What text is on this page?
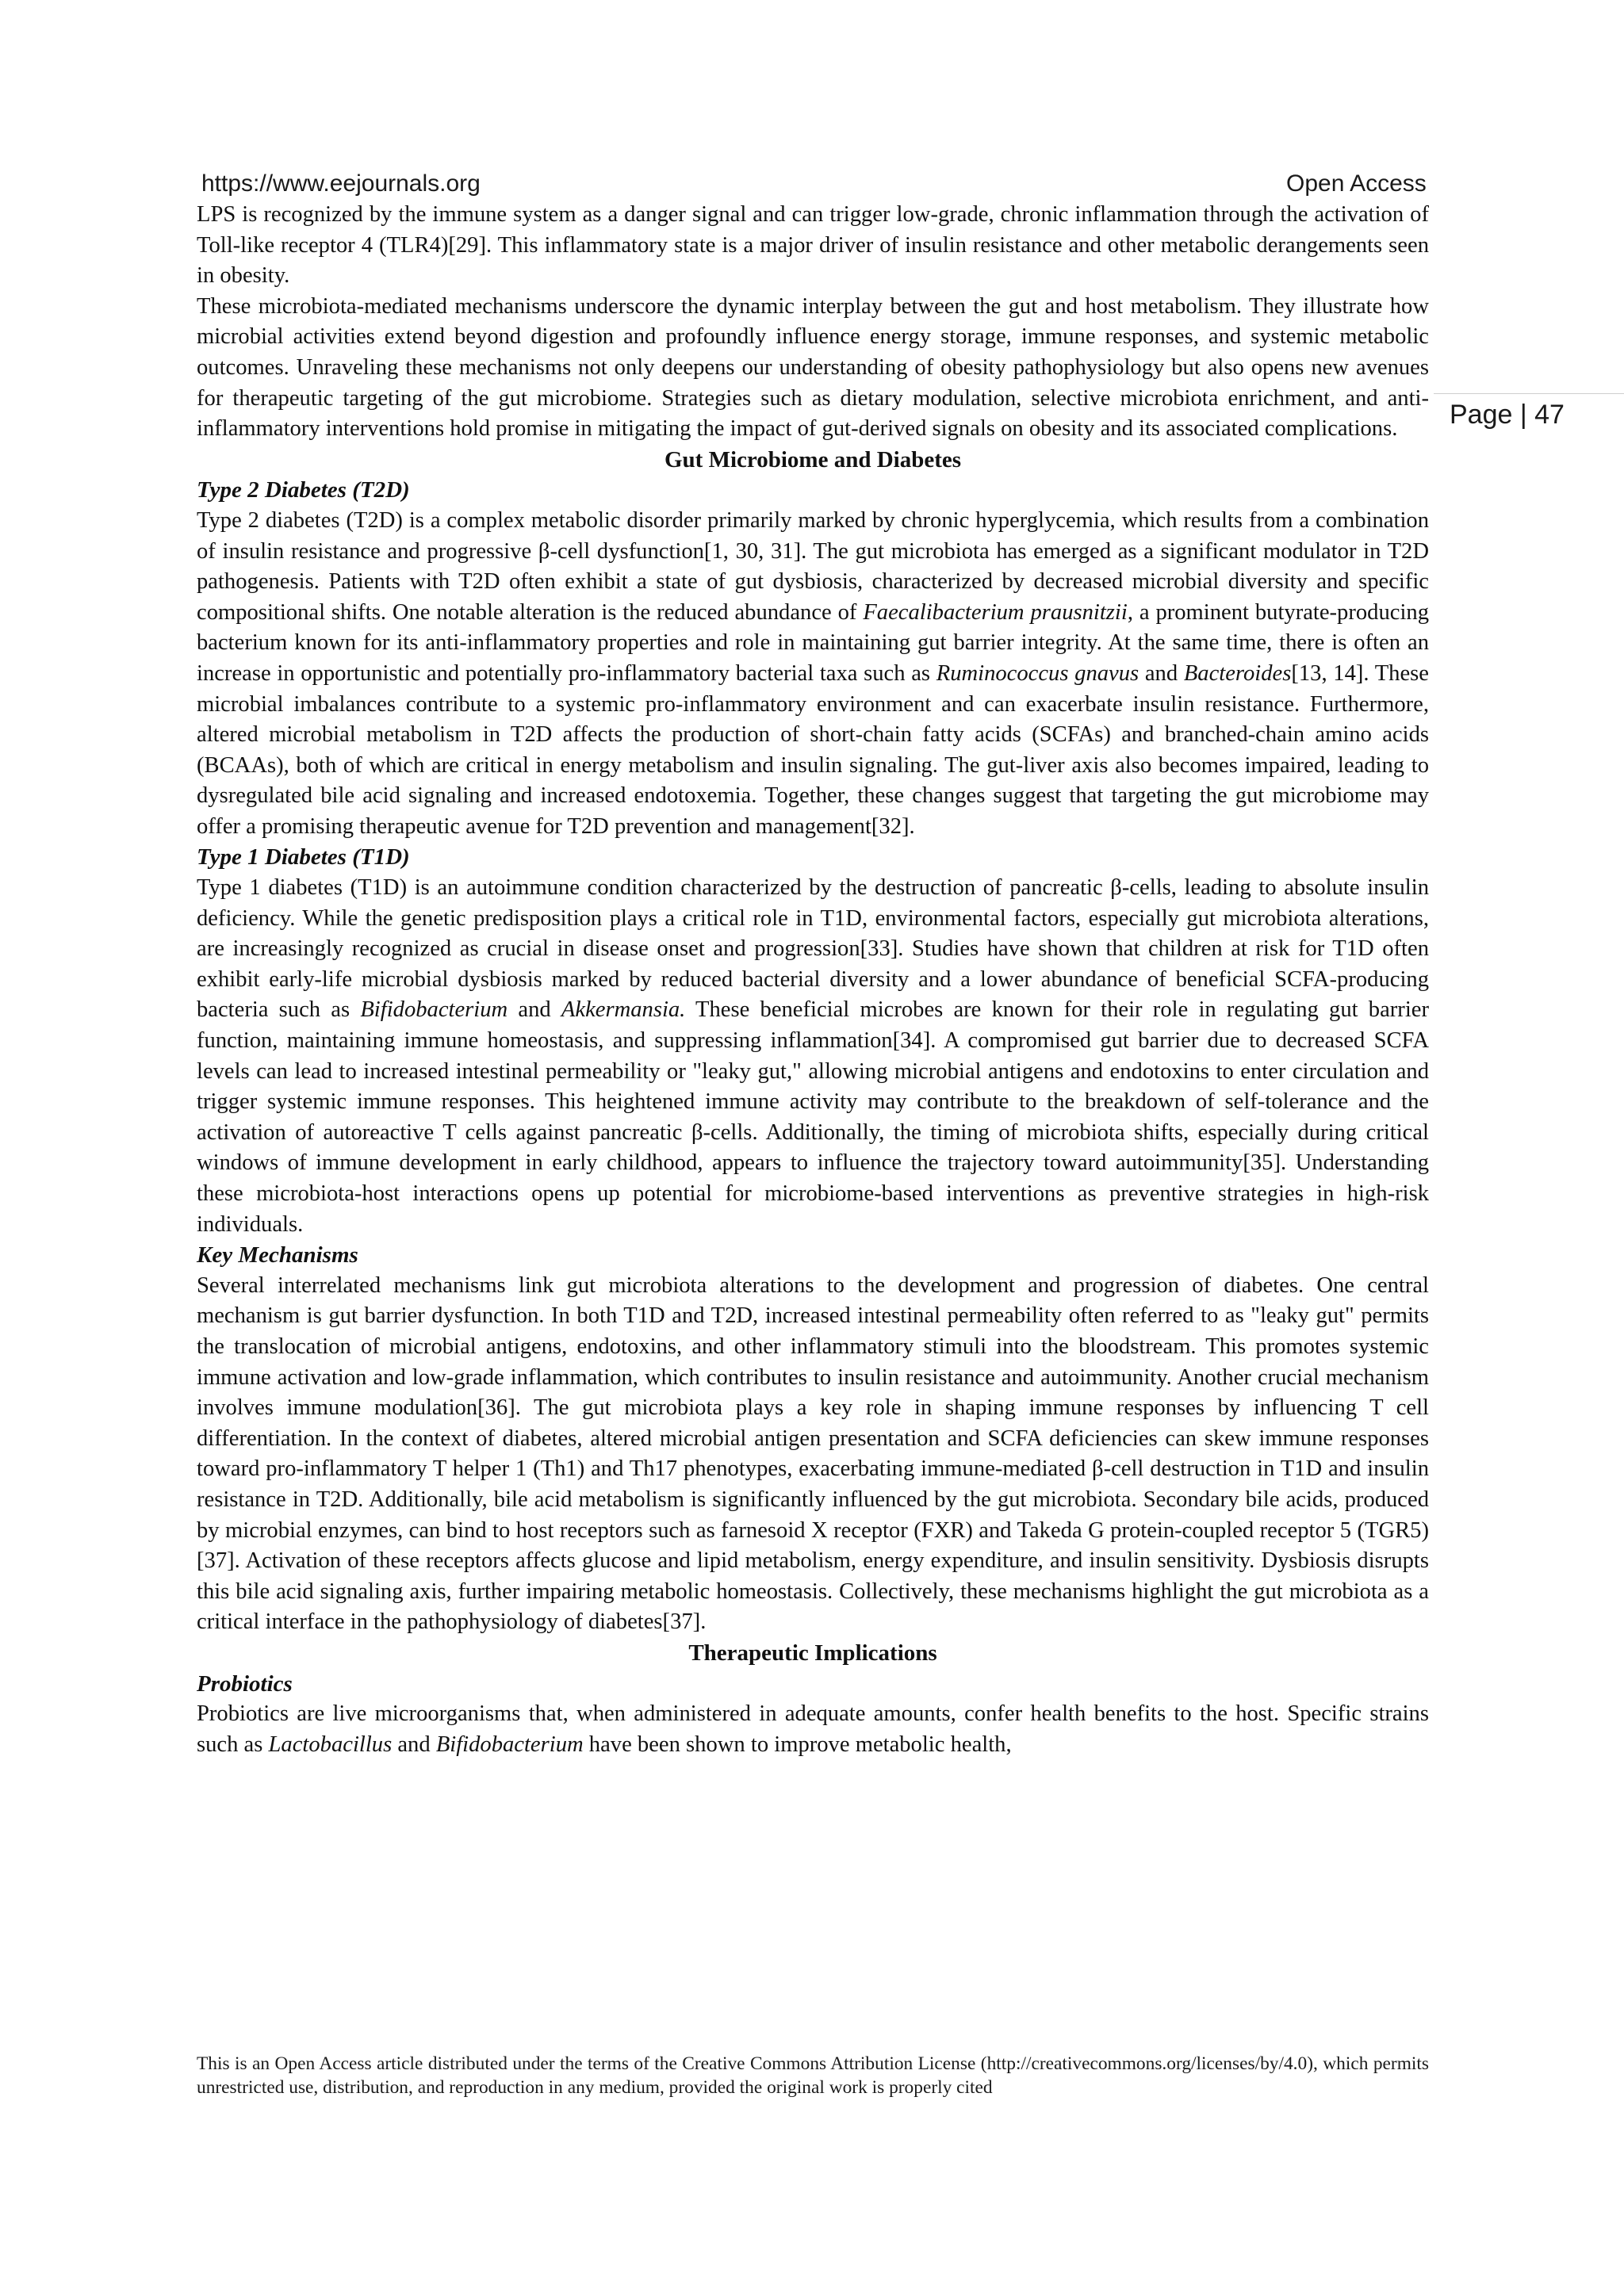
https://www.eejournals.org	Open Access
Page | 47

LPS is recognized by the immune system as a danger signal and can trigger low-grade, chronic inflammation through the activation of Toll-like receptor 4 (TLR4)[29]. This inflammatory state is a major driver of insulin resistance and other metabolic derangements seen in obesity.

These microbiota-mediated mechanisms underscore the dynamic interplay between the gut and host metabolism. They illustrate how microbial activities extend beyond digestion and profoundly influence energy storage, immune responses, and systemic metabolic outcomes. Unraveling these mechanisms not only deepens our understanding of obesity pathophysiology but also opens new avenues for therapeutic targeting of the gut microbiome. Strategies such as dietary modulation, selective microbiota enrichment, and anti-inflammatory interventions hold promise in mitigating the impact of gut-derived signals on obesity and its associated complications.

Gut Microbiome and Diabetes
Type 2 Diabetes (T2D)

Type 2 diabetes (T2D) is a complex metabolic disorder primarily marked by chronic hyperglycemia, which results from a combination of insulin resistance and progressive β-cell dysfunction[1, 30, 31]. The gut microbiota has emerged as a significant modulator in T2D pathogenesis. Patients with T2D often exhibit a state of gut dysbiosis, characterized by decreased microbial diversity and specific compositional shifts. One notable alteration is the reduced abundance of Faecalibacterium prausnitzii, a prominent butyrate-producing bacterium known for its anti-inflammatory properties and role in maintaining gut barrier integrity. At the same time, there is often an increase in opportunistic and potentially pro-inflammatory bacterial taxa such as Ruminococcus gnavus and Bacteroides[13, 14]. These microbial imbalances contribute to a systemic pro-inflammatory environment and can exacerbate insulin resistance. Furthermore, altered microbial metabolism in T2D affects the production of short-chain fatty acids (SCFAs) and branched-chain amino acids (BCAAs), both of which are critical in energy metabolism and insulin signaling. The gut-liver axis also becomes impaired, leading to dysregulated bile acid signaling and increased endotoxemia. Together, these changes suggest that targeting the gut microbiome may offer a promising therapeutic avenue for T2D prevention and management[32].

Type 1 Diabetes (T1D)

Type 1 diabetes (T1D) is an autoimmune condition characterized by the destruction of pancreatic β-cells, leading to absolute insulin deficiency. While the genetic predisposition plays a critical role in T1D, environmental factors, especially gut microbiota alterations, are increasingly recognized as crucial in disease onset and progression[33]. Studies have shown that children at risk for T1D often exhibit early-life microbial dysbiosis marked by reduced bacterial diversity and a lower abundance of beneficial SCFA-producing bacteria such as Bifidobacterium and Akkermansia. These beneficial microbes are known for their role in regulating gut barrier function, maintaining immune homeostasis, and suppressing inflammation[34]. A compromised gut barrier due to decreased SCFA levels can lead to increased intestinal permeability or "leaky gut," allowing microbial antigens and endotoxins to enter circulation and trigger systemic immune responses. This heightened immune activity may contribute to the breakdown of self-tolerance and the activation of autoreactive T cells against pancreatic β-cells. Additionally, the timing of microbiota shifts, especially during critical windows of immune development in early childhood, appears to influence the trajectory toward autoimmunity[35]. Understanding these microbiota-host interactions opens up potential for microbiome-based interventions as preventive strategies in high-risk individuals.

Key Mechanisms

Several interrelated mechanisms link gut microbiota alterations to the development and progression of diabetes. One central mechanism is gut barrier dysfunction. In both T1D and T2D, increased intestinal permeability often referred to as "leaky gut" permits the translocation of microbial antigens, endotoxins, and other inflammatory stimuli into the bloodstream. This promotes systemic immune activation and low-grade inflammation, which contributes to insulin resistance and autoimmunity. Another crucial mechanism involves immune modulation[36]. The gut microbiota plays a key role in shaping immune responses by influencing T cell differentiation. In the context of diabetes, altered microbial antigen presentation and SCFA deficiencies can skew immune responses toward pro-inflammatory T helper 1 (Th1) and Th17 phenotypes, exacerbating immune-mediated β-cell destruction in T1D and insulin resistance in T2D. Additionally, bile acid metabolism is significantly influenced by the gut microbiota. Secondary bile acids, produced by microbial enzymes, can bind to host receptors such as farnesoid X receptor (FXR) and Takeda G protein-coupled receptor 5 (TGR5)[37]. Activation of these receptors affects glucose and lipid metabolism, energy expenditure, and insulin sensitivity. Dysbiosis disrupts this bile acid signaling axis, further impairing metabolic homeostasis. Collectively, these mechanisms highlight the gut microbiota as a critical interface in the pathophysiology of diabetes[37].

Therapeutic Implications
Probiotics

Probiotics are live microorganisms that, when administered in adequate amounts, confer health benefits to the host. Specific strains such as Lactobacillus and Bifidobacterium have been shown to improve metabolic health,

This is an Open Access article distributed under the terms of the Creative Commons Attribution License (http://creativecommons.org/licenses/by/4.0), which permits unrestricted use, distribution, and reproduction in any medium, provided the original work is properly cited
